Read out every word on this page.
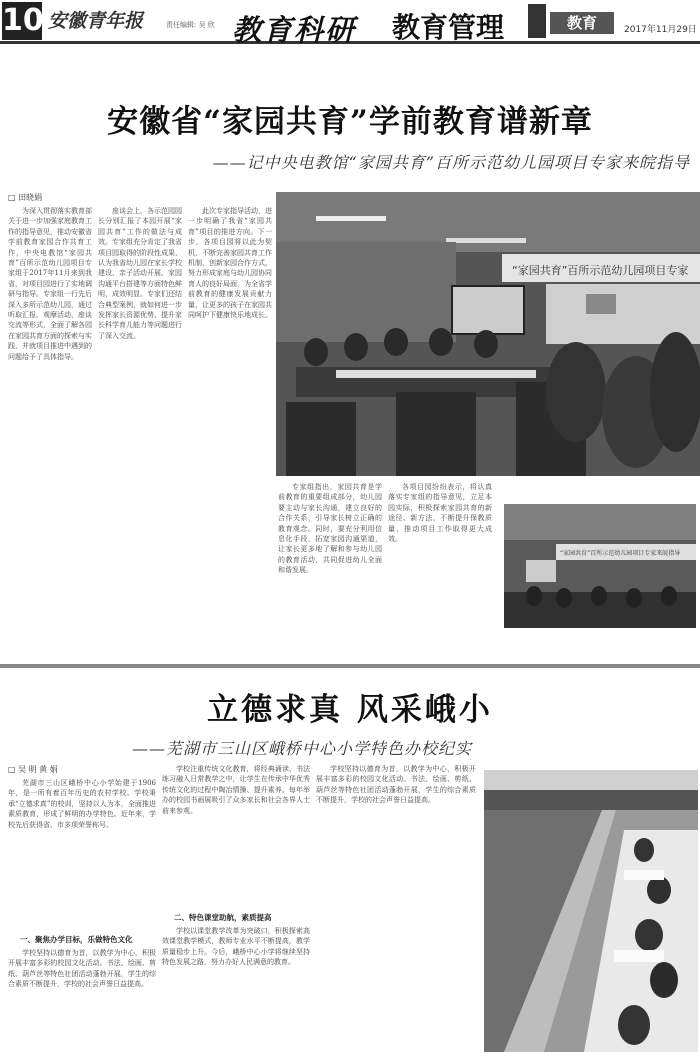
10 安徽青年报	责任编辑: 吴 欣 教育科研 教育管理	教育	2017年11月29日
安徽省“家园共育”学前教育谱新章
——记中央电教馆“家园共育”百所示范幼儿园项目专家来皖指导
□ 田晓娟
为深入贯彻落实教育部关于进一步加强家庭教育工作的指导意见，推动安徽省学前教育家园合作共育工作，中央电教馆“家园共育”百所示范幼儿园项目专家组于2017年11月来到我省，对项目园进行了实地调研与指导。专家组一行先后深入多所示范幼儿园，通过听取汇报、观摩活动、座谈交流等形式，全面了解各园在家园共育方面的探索与实践，并就项目推进中遇到的问题给予了具体指导。
座谈会上，各示范园园长分别汇报了本园开展“家园共育”工作的做法与成效。专家组充分肯定了我省项目园取得的阶段性成果，认为我省幼儿园在家长学校建设、亲子活动开展、家园沟通平台搭建等方面特色鲜明，成效明显。专家们还结合典型案例，就如何进一步发挥家长资源优势、提升家长科学育儿能力等问题进行了深入交流。
此次专家指导活动，进一步明确了我省“家园共育”项目的推进方向。下一步，各项目园将以此为契机，不断完善家园共育工作机制，创新家园合作方式，努力形成家庭与幼儿园协同育人的良好局面，为全省学前教育的健康发展贡献力量，让更多的孩子在家园共同呵护下健康快乐地成长。
专家组指出，家园共育是学前教育的重要组成部分，幼儿园要主动与家长沟通，建立良好的合作关系，引导家长树立正确的教育观念。同时，要充分利用信息化手段，拓宽家园沟通渠道，让家长更多地了解和参与幼儿园的教育活动，共同促进幼儿全面和谐发展。
各项目园纷纷表示，将认真落实专家组的指导意见，立足本园实际，积极探索家园共育的新途径、新方法，不断提升保教质量，推动项目工作取得更大成效。
“家园共育”百所示范幼儿园项目专家
“家园共育”百所示范幼儿园项目专家来皖指导
立德求真 风采峨小
——芜湖市三山区峨桥中心小学特色办校纪实
□ 吴 明 黄 娟
芜湖市三山区峨桥中心小学始建于1906年，是一所有着百年历史的农村学校。学校秉承“立德求真”的校训，坚持以人为本，全面推进素质教育，形成了鲜明的办学特色。近年来，学校先后获得省、市多项荣誉称号。
一、聚焦办学目标，乐做特色文化
学校坚持以德育为首，以教学为中心，积极开展丰富多彩的校园文化活动。书法、绘画、剪纸、葫芦丝等特色社团活动蓬勃开展，学生的综合素质不断提升，学校的社会声誉日益提高。
学校注重传统文化教育，将经典诵读、书法练习融入日常教学之中，让学生在传承中华优秀传统文化的过程中陶冶情操、提升素养。每年举办的校园书画展吸引了众多家长和社会各界人士前来参观。
二、特色课堂助航，素质提高
学校以课堂教学改革为突破口，积极探索高效课堂教学模式，教师专业水平不断提高，教学质量稳步上升。今后，峨桥中心小学将继续坚持特色发展之路，努力办好人民满意的教育。
学校坚持以德育为首，以教学为中心，积极开展丰富多彩的校园文化活动。书法、绘画、剪纸、葫芦丝等特色社团活动蓬勃开展，学生的综合素质不断提升，学校的社会声誉日益提高。
